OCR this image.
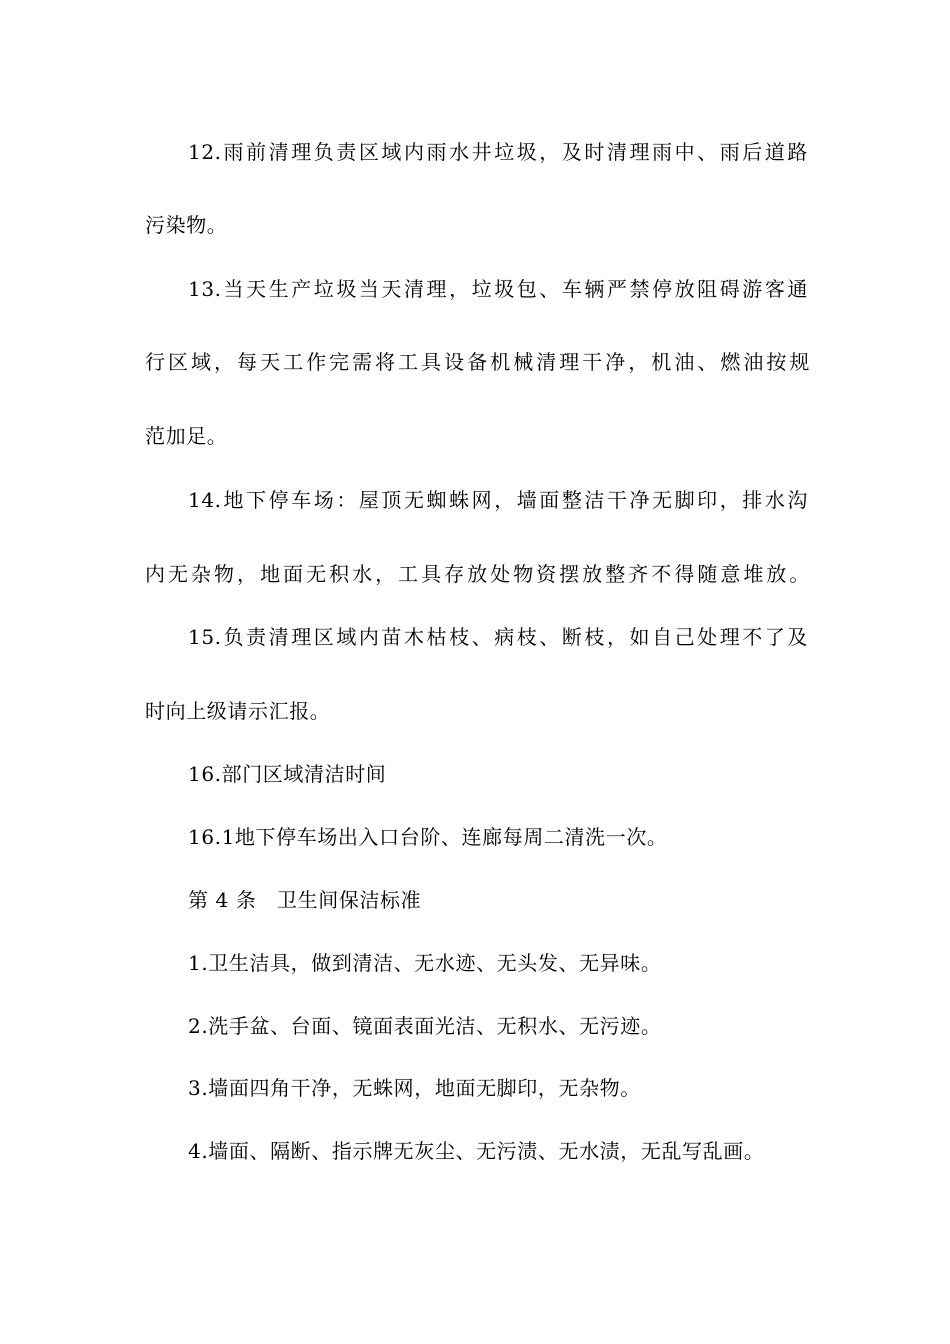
12.雨前清理负责区域内雨水井垃圾，及时清理雨中、雨后道路
污染物。
13.当天生产垃圾当天清理，垃圾包、车辆严禁停放阻碍游客通
行区域，每天工作完需将工具设备机械清理干净，机油、燃油按规
范加足。
14.地下停车场：屋顶无蜘蛛网，墙面整洁干净无脚印，排水沟
内无杂物，地面无积水，工具存放处物资摆放整齐不得随意堆放。
15.负责清理区域内苗木枯枝、病枝、断枝，如自己处理不了及
时向上级请示汇报。
16.部门区域清洁时间
16.1地下停车场出入口台阶、连廊每周二清洗一次。
第 4 条　卫生间保洁标准
1.卫生洁具，做到清洁、无水迹、无头发、无异味。
2.洗手盆、台面、镜面表面光洁、无积水、无污迹。
3.墙面四角干净，无蛛网，地面无脚印，无杂物。
4.墙面、隔断、指示牌无灰尘、无污渍、无水渍，无乱写乱画。
